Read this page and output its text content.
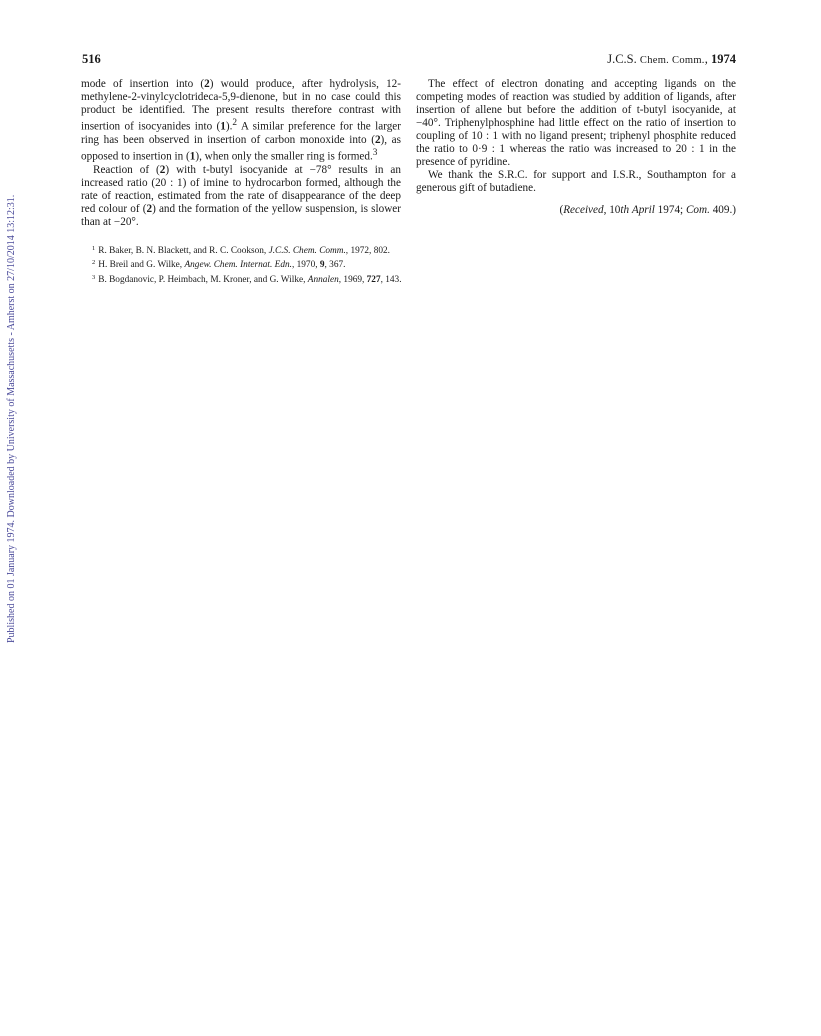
516	J.C.S. Chem. Comm., 1974
Published on 01 January 1974. Downloaded by University of Massachusetts - Amherst on 27/10/2014 13:12:31.

mode of insertion into (2) would produce, after hydrolysis, 12-methylene-2-vinylcyclotrideca-5,9-dienone, but in no case could this product be identified. The present results therefore contrast with insertion of isocyanides into (1).$^2$ A similar preference for the larger ring has been observed in insertion of carbon monoxide into (2), as opposed to insertion in (1), when only the smaller ring is formed.$^3$

Reaction of (2) with t-butyl isocyanide at −78° results in an increased ratio (20 : 1) of imine to hydrocarbon formed, although the rate of reaction, estimated from the rate of disappearance of the deep red colour of (2) and the formation of the yellow suspension, is slower than at −20°.

The effect of electron donating and accepting ligands on the competing modes of reaction was studied by addition of ligands, after insertion of allene but before the addition of t-butyl isocyanide, at −40°. Triphenylphosphine had little effect on the ratio of insertion to coupling of 10 : 1 with no ligand present; triphenyl phosphite reduced the ratio to 0·9 : 1 whereas the ratio was increased to 20 : 1 in the presence of pyridine.

We thank the S.R.C. for support and I.S.R., Southampton for a generous gift of butadiene.

(Received, 10th April 1974; Com. 409.)
$^1$ R. Baker, B. N. Blackett, and R. C. Cookson, J.C.S. Chem. Comm., 1972, 802.
$^2$ H. Breil and G. Wilke, Angew. Chem. Internat. Edn., 1970, 9, 367.
$^3$ B. Bogdanovic, P. Heimbach, M. Kroner, and G. Wilke, Annalen, 1969, 727, 143.
